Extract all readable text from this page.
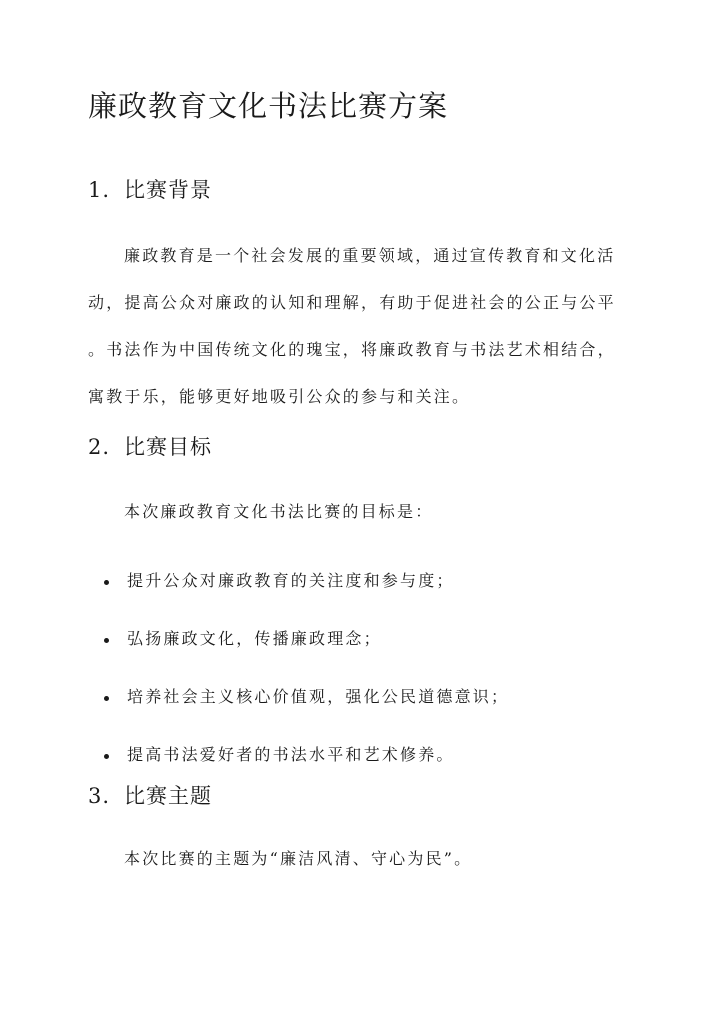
廉政教育文化书法比赛方案
1. 比赛背景
廉政教育是一个社会发展的重要领域，通过宣传教育和文化活
动，提高公众对廉政的认知和理解，有助于促进社会的公正与公平
。书法作为中国传统文化的瑰宝，将廉政教育与书法艺术相结合，
寓教于乐，能够更好地吸引公众的参与和关注。
2. 比赛目标
本次廉政教育文化书法比赛的目标是：
提升公众对廉政教育的关注度和参与度；
弘扬廉政文化，传播廉政理念；
培养社会主义核心价值观，强化公民道德意识；
提高书法爱好者的书法水平和艺术修养。
3. 比赛主题
本次比赛的主题为“廉洁风清、守心为民”。
